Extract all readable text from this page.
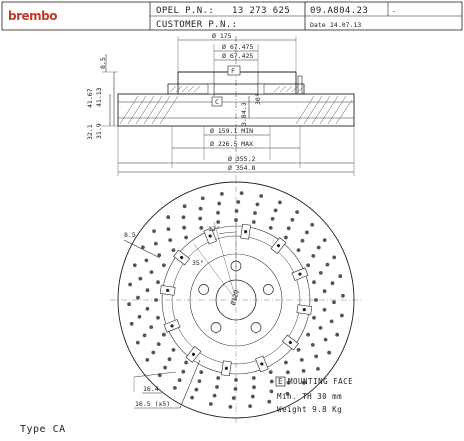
brembo	OPEL P.N.: 13 273 625
CUSTOMER P.N.:
09.A804.23	-
Date 24.07.13
F
C
Ø 175
Ø 67.475
Ø 67.425
8.5
41.67 41.13
32.1 31.9
4.3
3.8
30°
Ø 159.1 MIN
Ø 226.5 MAX
Ø 355.2
Ø 354.8
Ø120
8.5
12°
35°
16.4
16.5 (x5)
E MOUNTING FACE
Min. TH 30 mm
Weight 9.8 Kg
Type CA
